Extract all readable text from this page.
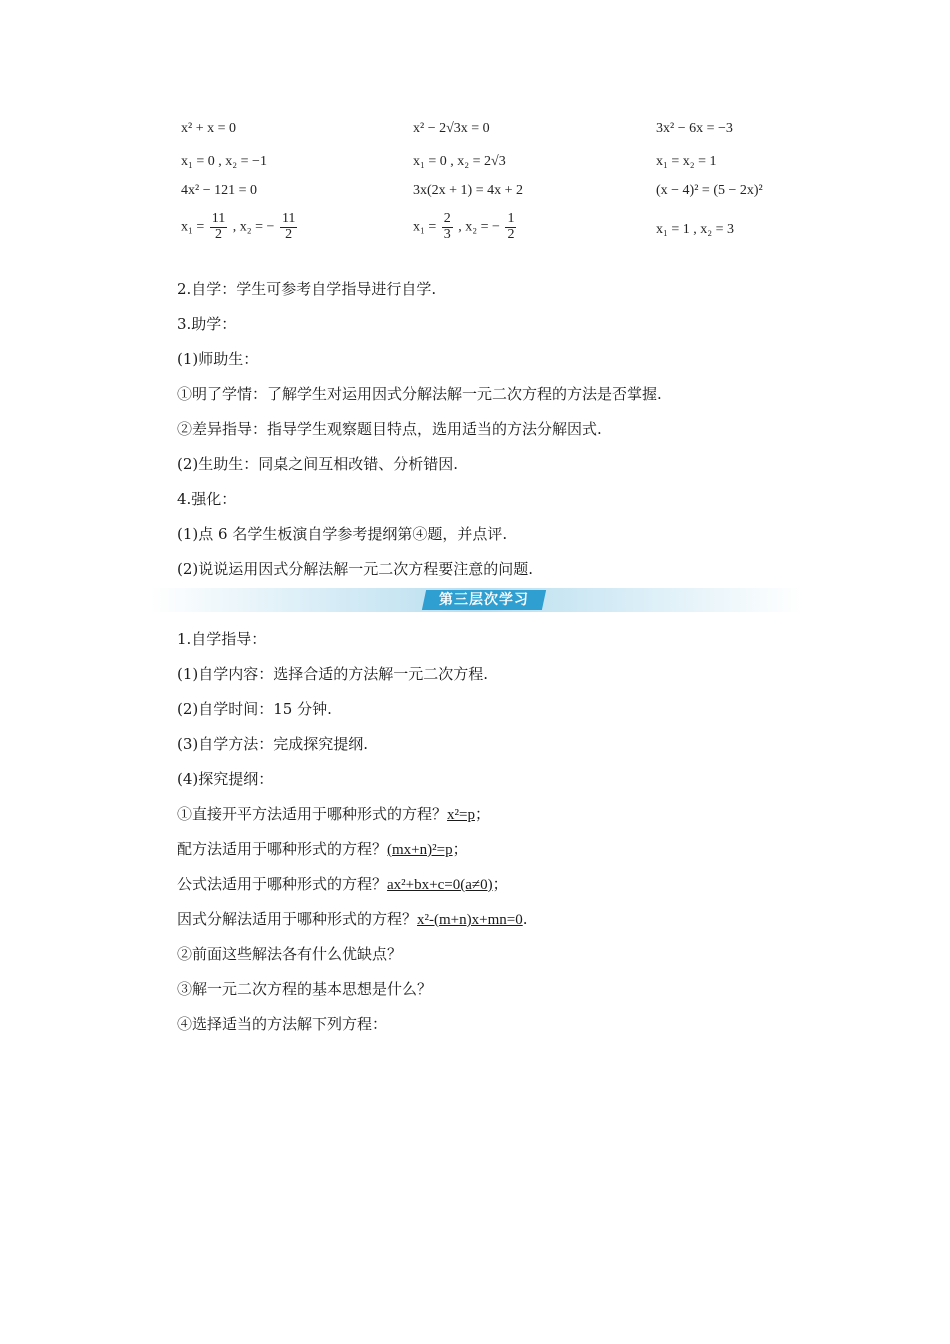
x² + x = 0	x² − 2√3x = 0	3x² − 6x = −3
x₁ = 0 , x₂ = −1	x₁ = 0 , x₂ = 2√3	x₁ = x₂ = 1
4x² − 121 = 0	3x(2x + 1) = 4x + 2	(x − 4)² = (5 − 2x)²
$x_1 = \frac{11}{2}$ , x₂ = − $\frac{11}{2}$	$x_1 = \frac{2}{3}$ , x₂ = − $\frac{1}{2}$	x₁ = 1 , x₂ = 3
2.自学：学生可参考自学指导进行自学.
3.助学：
(1)师助生：
①明了学情：了解学生对运用因式分解法解一元二次方程的方法是否掌握.
②差异指导：指导学生观察题目特点，选用适当的方法分解因式.
(2)生助生：同桌之间互相改错、分析错因.
4.强化：
(1)点 6 名学生板演自学参考提纲第④题，并点评.
(2)说说运用因式分解法解一元二次方程要注意的问题.
第三层次学习
1.自学指导：
(1)自学内容：选择合适的方法解一元二次方程.
(2)自学时间：15 分钟.
(3)自学方法：完成探究提纲.
(4)探究提纲：
①直接开平方法适用于哪种形式的方程？x²=p；
配方法适用于哪种形式的方程？(mx+n)²=p；
公式法适用于哪种形式的方程？ax²+bx+c=0(a≠0)；
因式分解法适用于哪种形式的方程？x²-(m+n)x+mn=0.
②前面这些解法各有什么优缺点？
③解一元二次方程的基本思想是什么？
④选择适当的方法解下列方程：
